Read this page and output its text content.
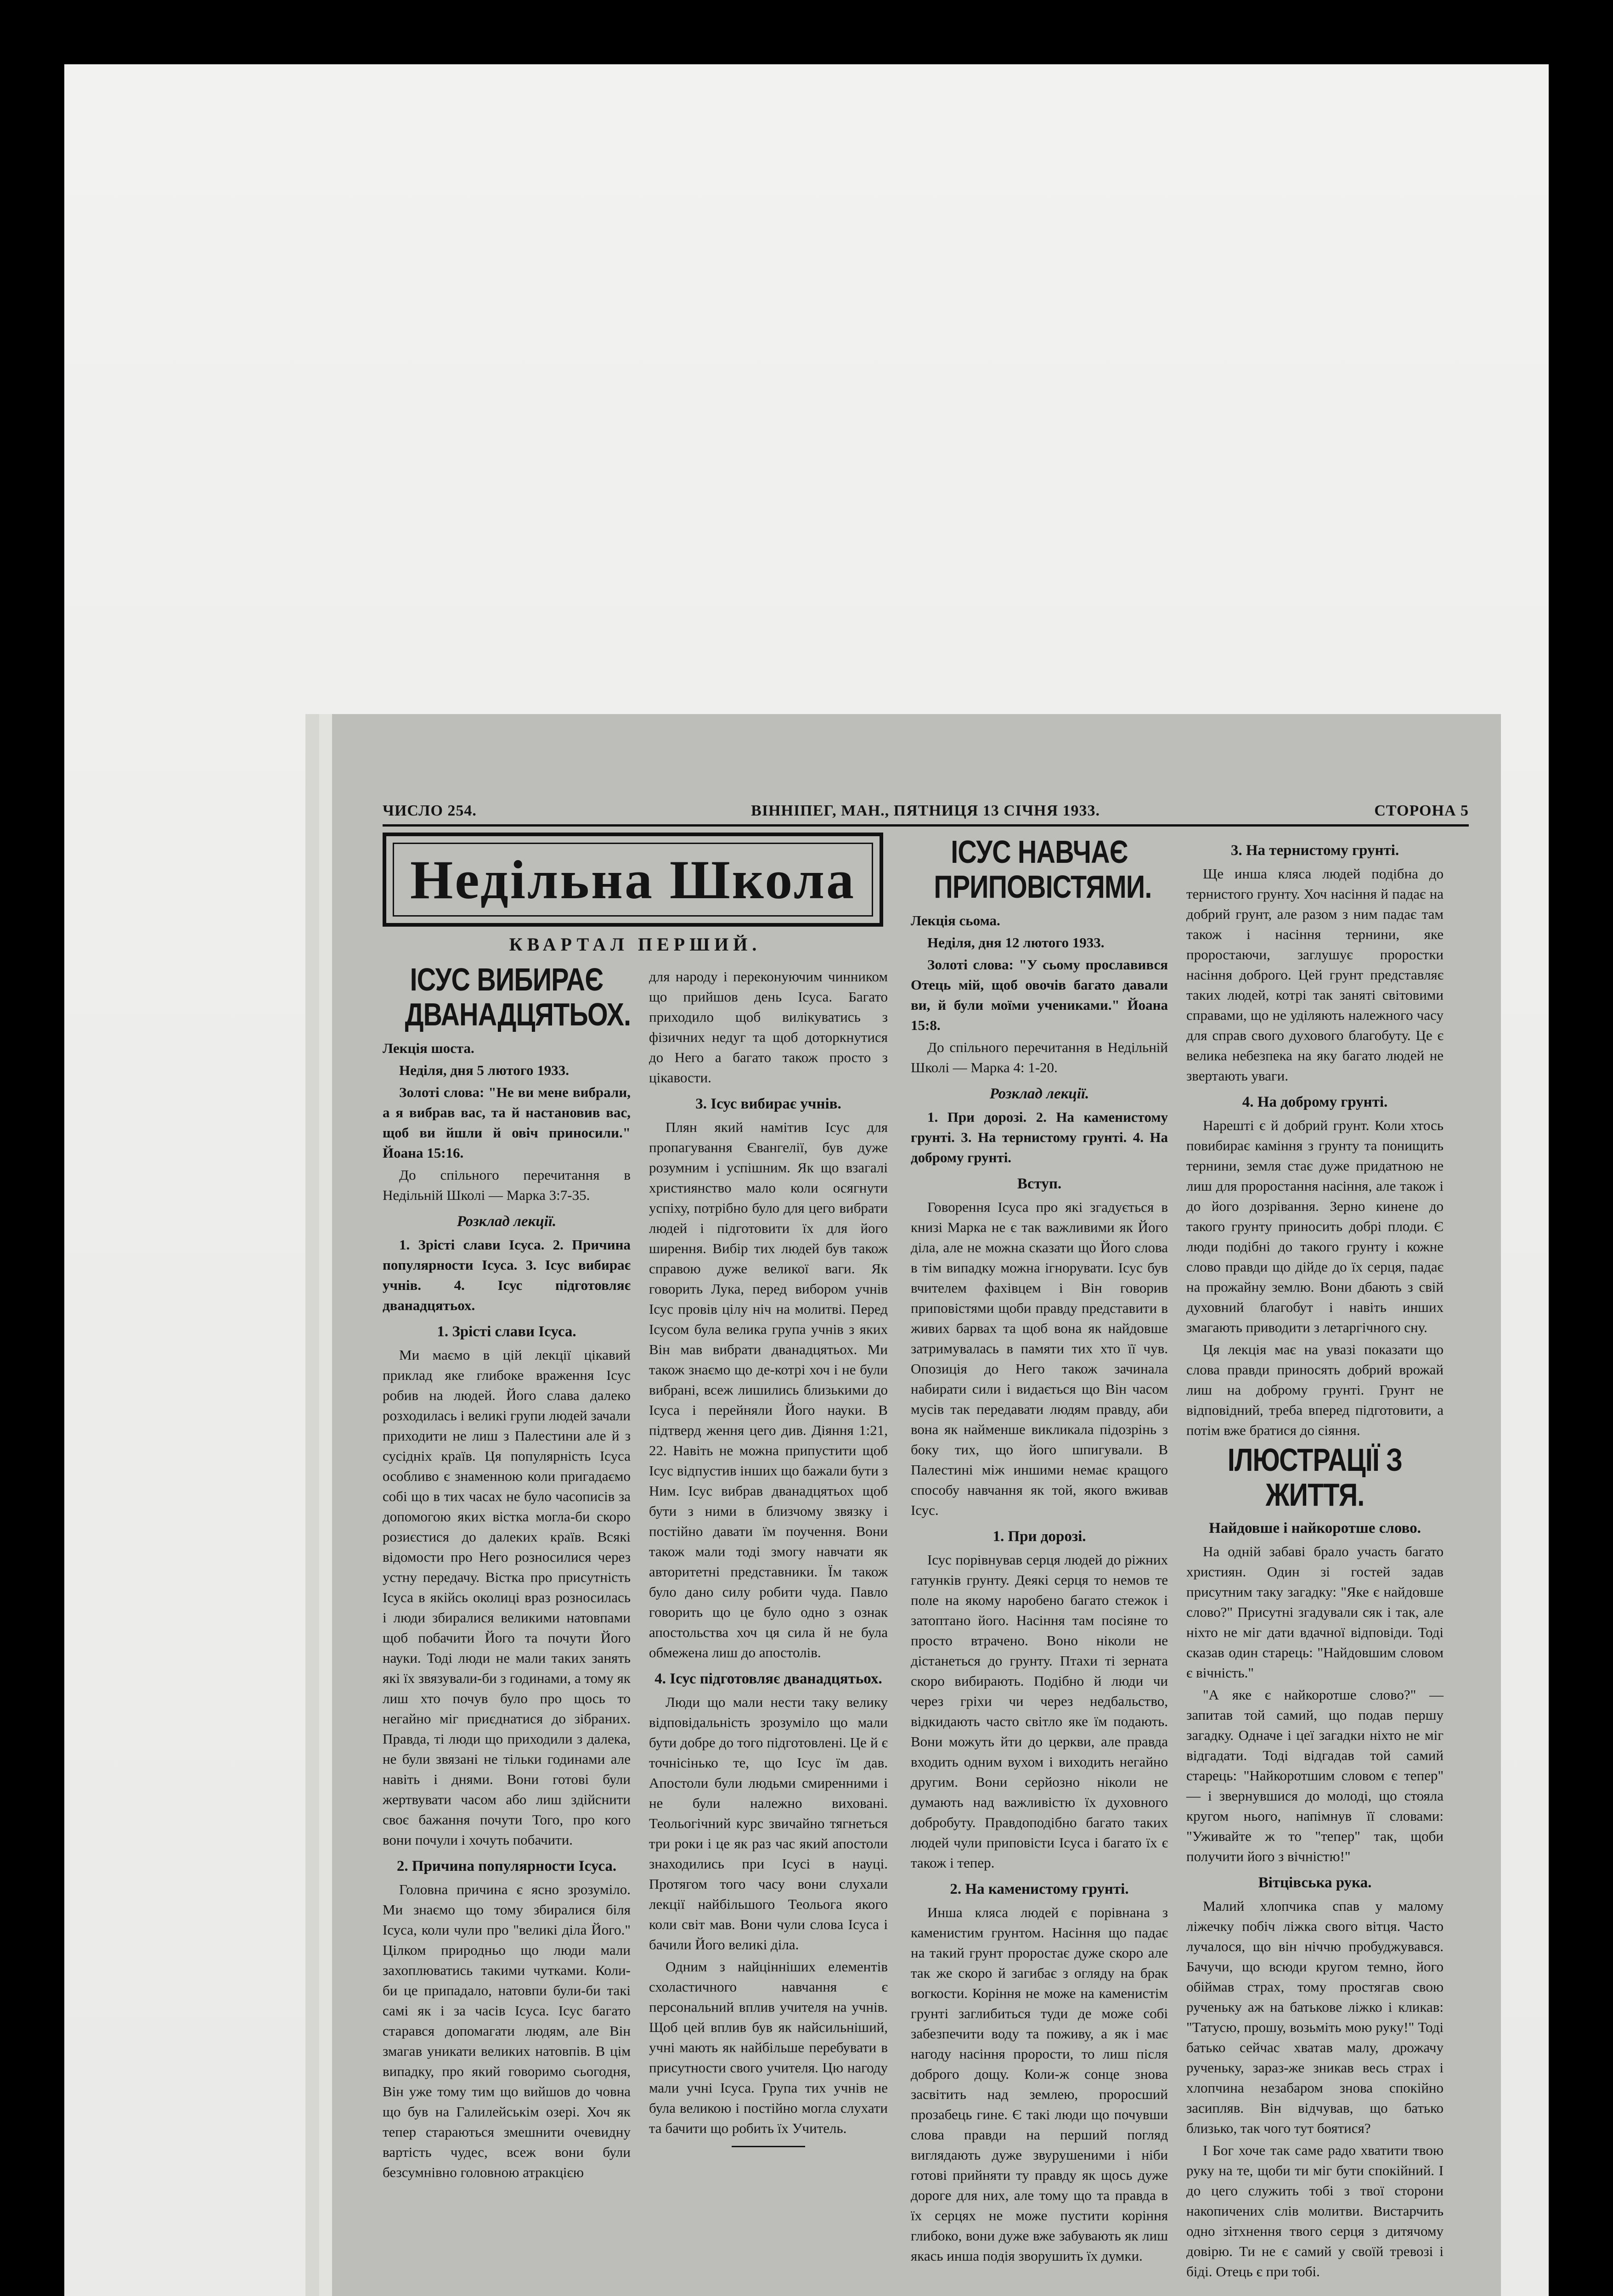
ЧИСЛО 254.	ВІННІПЕГ, МАН., ПЯТНИЦЯ 13 СІЧНЯ 1933.	СТОРОНА 5
Недільна Школа
КВАРТАЛ ПЕРШИЙ.
ІСУС ВИБИРАЄ ДВАНАДЦЯТЬОХ.

Лекція шоста.

Неділя, дня 5 лютого 1933.

Золоті слова: "Не ви мене вибрали, а я вибрав вас, та й настановив вас, щоб ви йшли й овіч приносили." Йоана 15:16.

До спільного перечитання в Недільній Школі — Марка 3:7-35.

Розклад лекції.

1. Зрісті слави Ісуса. 2. Причина популярности Ісуса. 3. Ісус вибирає учнів. 4. Ісус підготовляє дванадцятьох.

1. Зрісті слави Ісуса.

Ми маємо в цій лекції цікавий приклад яке глибоке враження Ісус робив на людей. Його слава далеко розходилась і великі групи людей зачали приходити не лиш з Палестини але й з сусідніх країв. Ця популярність Ісуса особливо є знаменною коли пригадаємо собі що в тих часах не було часописів за допомогою яких вістка могла-би скоро розиєстися до далеких країв. Всякі відомости про Него розносилися через устну передачу. Вістка про присутність Ісуса в якійсь околиці враз розносилась і люди збиралися великими натовпами щоб побачити Його та почути Його науки. Тоді люди не мали таких занять які їх звязували-би з годинами, а тому як лиш хто почув було про щось то негайно міг приєднатися до зібраних. Правда, ті люди що приходили з далека, не були звязані не тільки годинами але навіть і днями. Вони готові були жертвувати часом або лиш здійснити своє бажання почути Того, про кого вони почули і хочуть побачити.

2. Причина популярности Ісуса.

Головна причина є ясно зрозуміло. Ми знаємо що тому збиралися біля Ісуса, коли чули про "великі діла Його." Цілком природньо що люди мали захоплюватись такими чутками. Коли-би це припадало, натовпи були-би такі самі як і за часів Ісуса. Ісус багато старався допомагати людям, але Він змагав уникати великих натовпів. В цім випадку, про який говоримо сьогодня, Він уже тому тим що вийшов до човна що був на Галилейськім озері. Хоч як тепер стараються змешнити очевидну вартість чудес, всеж вони були безсумнівно головною атракцією

для народу і переконуючим чинником що прийшов день Ісуса. Багато приходило щоб вилікуватись з фізичних недуг та щоб доторкнутися до Него а багато також просто з цікавости.

3. Ісус вибирає учнів.

Плян який намітив Ісус для пропагування Євангелії, був дуже розумним і успішним. Як що взагалі християнство мало коли осягнути успіху, потрібно було для цего вибрати людей і підготовити їх для його ширення. Вибір тих людей був також справою дуже великої ваги. Як говорить Лука, перед вибором учнів Ісус провів цілу ніч на молитві. Перед Ісусом була велика група учнів з яких Він мав вибрати дванадцятьох. Ми також знаємо що де-котрі хоч і не були вибрані, всеж лишились близькими до Ісуса і перейняли Його науки. В підтверд ження цего див. Діяння 1:21, 22. Навіть не можна припустити щоб Ісус відпустив інших що бажали бути з Ним. Ісус вибрав дванадцятьох щоб бути з ними в близчому звязку і постійно давати їм поучення. Вони також мали тоді змогу навчати як авторитетні представники. Їм також було дано силу робити чуда. Павло говорить що це було одно з ознак апостольства хоч ця сила й не була обмежена лиш до апостолів.

4. Ісус підготовляє дванадцятьох.

Люди що мали нести таку велику відповідальність зрозуміло що мали бути добре до того підготовлені. Це й є точнісінько те, що Ісус їм дав. Апостоли були людьми смиренними і не були належно виховані. Теольогічний курс звичайно тягнеться три роки і це як раз час який апостоли знаходились при Ісусі в науці. Протягом того часу вони слухали лекції найбільшого Теольога якого коли світ мав. Вони чули слова Ісуса і бачили Його великі діла.

Одним з найцінніших елементів схоластичного навчання є персональний вплив учителя на учнів. Щоб цей вплив був як найсильніший, учні мають як найбільше перебувати в присутности свого учителя. Цю нагоду мали учні Ісуса. Група тих учнів не була великою і постійно могла слухати та бачити що робить їх Учитель.

ІСУС НАВЧАЄ ПРИПОВІСТЯМИ.

Лекція сьома.

Неділя, дня 12 лютого 1933.

Золоті слова: "У сьому прославився Отець мій, щоб овочів багато давали ви, й були моїми учениками." Йоана 15:8.

До спільного перечитання в Недільній Школі — Марка 4: 1-20.

Розклад лекції.

1. При дорозі. 2. На каменистому грунті. 3. На тернистому грунті. 4. На доброму грунті.

Вступ.

Говорення Ісуса про які згадується в книзі Марка не є так важливими як Його діла, але не можна сказати що Його слова в тім випадку можна ігнорувати. Ісус був вчителем фахівцем і Він говорив приповістями щоби правду представити в живих барвах та щоб вона як найдовше затримувалась в памяти тих хто її чув. Опозиція до Него також зачинала набирати сили і видається що Він часом мусів так передавати людям правду, аби вона як найменше викликала підозрінь з боку тих, що його шпигували. В Палестині між иншими немає кращого способу навчання як той, якого вживав Ісус.

1. При дорозі.

Ісус порівнував серця людей до ріжних гатунків грунту. Деякі серця то немов те поле на якому наробено багато стежок і затоптано його. Насіння там посіяне то просто втрачено. Воно ніколи не дістанеться до грунту. Птахи ті зерната скоро вибирають. Подібно й люди чи через гріхи чи через недбальство, відкидають часто світло яке їм подають. Вони можуть йти до церкви, але правда входить одним вухом і виходить негайно другим. Вони серйозно ніколи не думають над важливістю їх духовного добробуту. Правдоподібно багато таких людей чули приповісти Ісуса і багато їх є також і тепер.

2. На каменистому грунті.

Инша кляса людей є порівнана з каменистим грунтом. Насіння що падає на такий грунт проростає дуже скоро але так же скоро й загибає з огляду на брак вогкости. Коріння не може на каменистім грунті заглибиться туди де може собі забезпечити воду та поживу, а як і має нагоду насіння прорости, то лиш після доброго дощу. Коли-ж сонце знова засвітить над землею, проросший прозабець гине. Є такі люди що почувши слова правди на перший погляд виглядають дуже звурушеними і ніби готові прийняти ту правду як щось дуже дороге для них, але тому що та правда в їх серцях не може пустити коріння глибоко, вони дуже вже забувають як лиш якась инша подія зворушить їх думки.

3. На тернистому грунті.

Ще инша кляса людей подібна до тернистого грунту. Хоч насіння й падає на добрий грунт, але разом з ним падає там також і насіння тернини, яке проростаючи, заглушує проростки насіння доброго. Цей грунт представляє таких людей, котрі так заняті світовими справами, що не уділяють належного часу для справ свого духового благобуту. Це є велика небезпека на яку багато людей не звертають уваги.

4. На доброму грунті.

Нарешті є й добрий грунт. Коли хтось повибирає каміння з грунту та понищить тернини, земля стає дуже придатною не лиш для проростання насіння, але також і до його дозрівання. Зерно кинене до такого грунту приносить добрі плоди. Є люди подібні до такого грунту і кожне слово правди що дійде до їх серця, падає на прожайну землю. Вони дбають з свій духовний благобут і навіть инших змагають приводити з летаргічного сну.

Ця лекція має на увазі показати що слова правди приносять добрий врожай лиш на доброму грунті. Грунт не відповідний, треба вперед підготовити, а потім вже братися до сіяння.

ІЛЮСТРАЦІЇ З ЖИТТЯ.
Найдовше і найкоротше слово.

На одній забаві брало участь багато християн. Один зі гостей задав присутним таку загадку: "Яке є найдовше слово?" Присутні згадували сяк і так, але ніхто не міг дати вдачної відповіди. Тоді сказав один старець: "Найдовшим словом є вічність."

"А яке є найкоротше слово?" — запитав той самий, що подав першу загадку. Одначе і цеї загадки ніхто не міг відгадати. Тоді відгадав той самий старець: "Найкоротшим словом є тепер" — і звернувшися до молоді, що стояла кругом нього, напімнув її словами: "Уживайте ж то "тепер" так, щоби получити його з вічністю!"

Вітцівська рука.

Малий хлопчика спав у малому ліжечку побіч ліжка свого вітця. Часто лучалося, що він ніччю пробуджувався. Бачучи, що всюди кругом темно, його обіймав страх, тому простягав свою рученьку аж на батькове ліжко і кликав: "Татусю, прошу, возьміть мою руку!" Тоді батько сейчас хватав малу, дрожачу рученьку, зараз-же зникав весь страх і хлопчина незабаром знова спокійно засипляв. Він відчував, що батько близько, так чого тут боятися?

І Бог хоче так саме радо хватити твою руку на те, щоби ти міг бути спокійний. І до цего служить тобі з твої сторони накопичених слів молитви. Вистарчить одно зітхнення твого серця з дитячому довірю. Ти не є самий у своїй тревозі і біді. Отець є при тобі.
